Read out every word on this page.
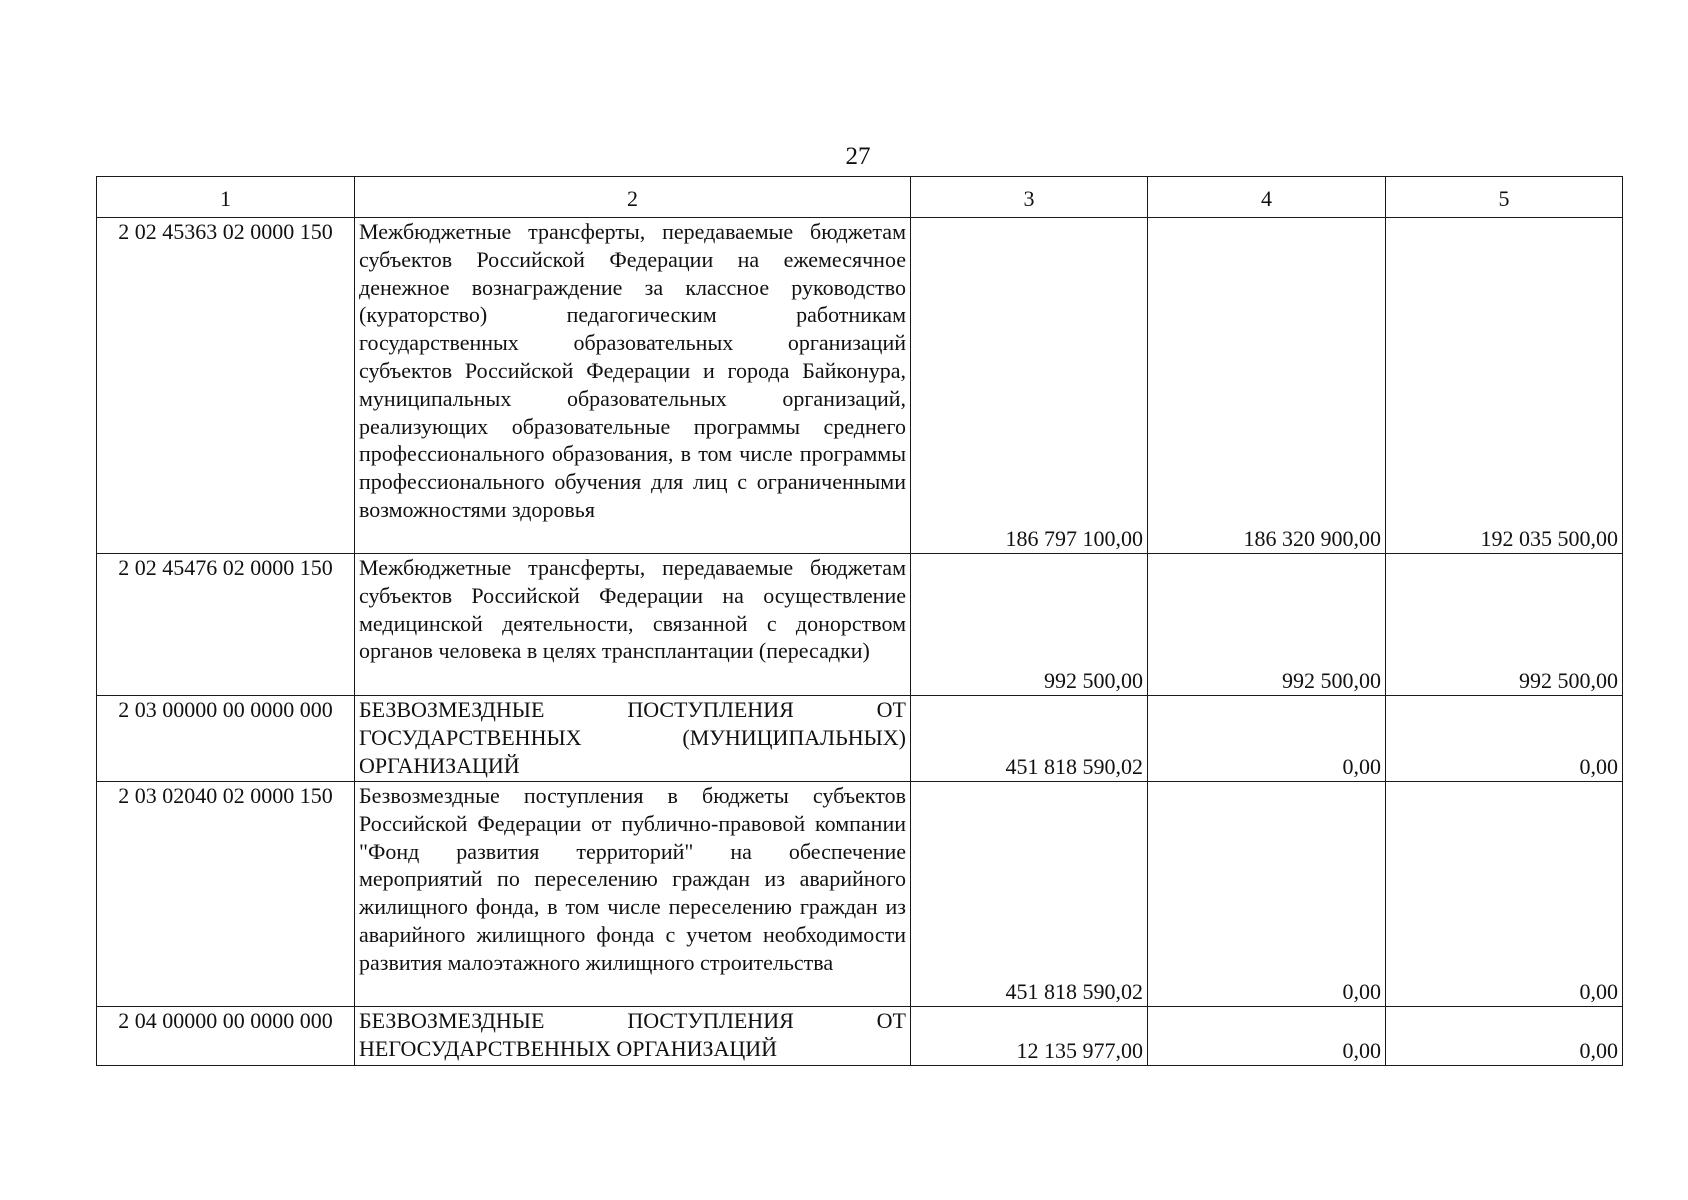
27
1	2	3	4	5
2 02 45363 02 0000 150	Межбюджетные трансферты, передаваемые бюджетам субъектов Российской Федерации на ежемесячное денежное вознаграждение за классное руководство (кураторство) педагогическим работникам государственных образовательных организаций субъектов Российской Федерации и города Байконура, муниципальных образовательных организаций, реализующих образовательные программы среднего профессионального образования, в том числе программы профессионального обучения для лиц с ограниченными возможностями здоровья	186 797 100,00	186 320 900,00	192 035 500,00
2 02 45476 02 0000 150	Межбюджетные трансферты, передаваемые бюджетам субъектов Российской Федерации на осуществление медицинской деятельности, связанной с донорством органов человека в целях трансплантации (пересадки)	992 500,00	992 500,00	992 500,00
2 03 00000 00 0000 000	БЕЗВОЗМЕЗДНЫЕ ПОСТУПЛЕНИЯ ОТ ГОСУДАРСТВЕННЫХ (МУНИЦИПАЛЬНЫХ) ОРГАНИЗАЦИЙ	451 818 590,02	0,00	0,00
2 03 02040 02 0000 150	Безвозмездные поступления в бюджеты субъектов Российской Федерации от публично-правовой компании "Фонд развития территорий" на обеспечение мероприятий по переселению граждан из аварийного жилищного фонда, в том числе переселению граждан из аварийного жилищного фонда с учетом необходимости развития малоэтажного жилищного строительства	451 818 590,02	0,00	0,00
2 04 00000 00 0000 000	БЕЗВОЗМЕЗДНЫЕ ПОСТУПЛЕНИЯ ОТ НЕГОСУДАРСТВЕННЫХ ОРГАНИЗАЦИЙ	12 135 977,00	0,00	0,00
